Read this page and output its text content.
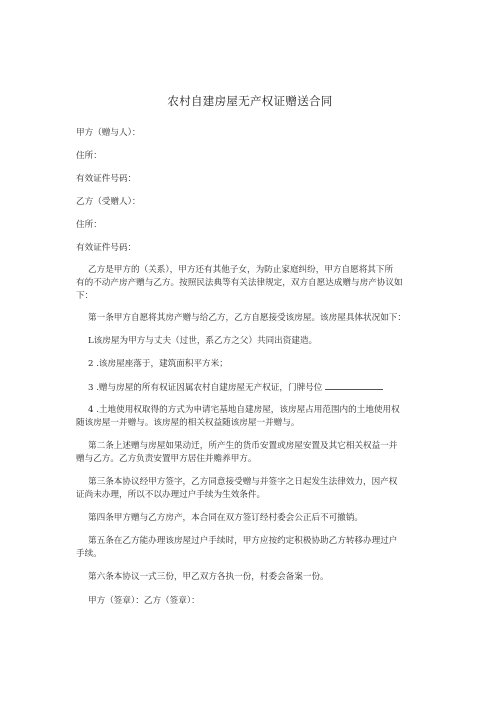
农村自建房屋无产权证赠送合同
甲方（赠与人）：
住所：
有效证件号码：
乙方（受赠人）：
住所：
有效证件号码：
乙方是甲方的（关系），甲方还有其他子女，为防止家庭纠纷，甲方自愿将其下所
有的不动产房产赠与乙方。按照民法典等有关法律规定，双方自愿达成赠与房产协议如
下：
第一条甲方自愿将其房产赠与给乙方，乙方自愿接受该房屋。该房屋具体状况如下：
L该房屋为甲方与丈夫（过世，系乙方之父）共同出资建造。
2 .该房屋座落于，建筑面积平方米；
3 .赠与房屋的所有权证因属农村自建房屋无产权证，门牌号位
4 .土地使用权取得的方式为申请宅基地自建房屋，该房屋占用范围内的土地使用权
随该房屋一并赠与。该房屋的相关权益随该房屋一并赠与。
第二条上述赠与房屋如果动迁，所产生的货币安置或房屋安置及其它相关权益一并
赠与乙方。乙方负责安置甲方居住并赡养甲方。
第三条本协议经甲方签字，乙方同意接受赠与并签字之日起发生法律效力，因产权
证尚未办理，所以不以办理过户手续为生效条件。
第四条甲方赠与乙方房产，本合同在双方签订经村委会公正后不可撤销。
第五条在乙方能办理该房屋过户手续时，甲方应按约定积极协助乙方转移办理过户
手续。
第六条本协议一式三份，甲乙双方各执一份，村委会备案一份。
甲方（签章）：乙方（签章）：
